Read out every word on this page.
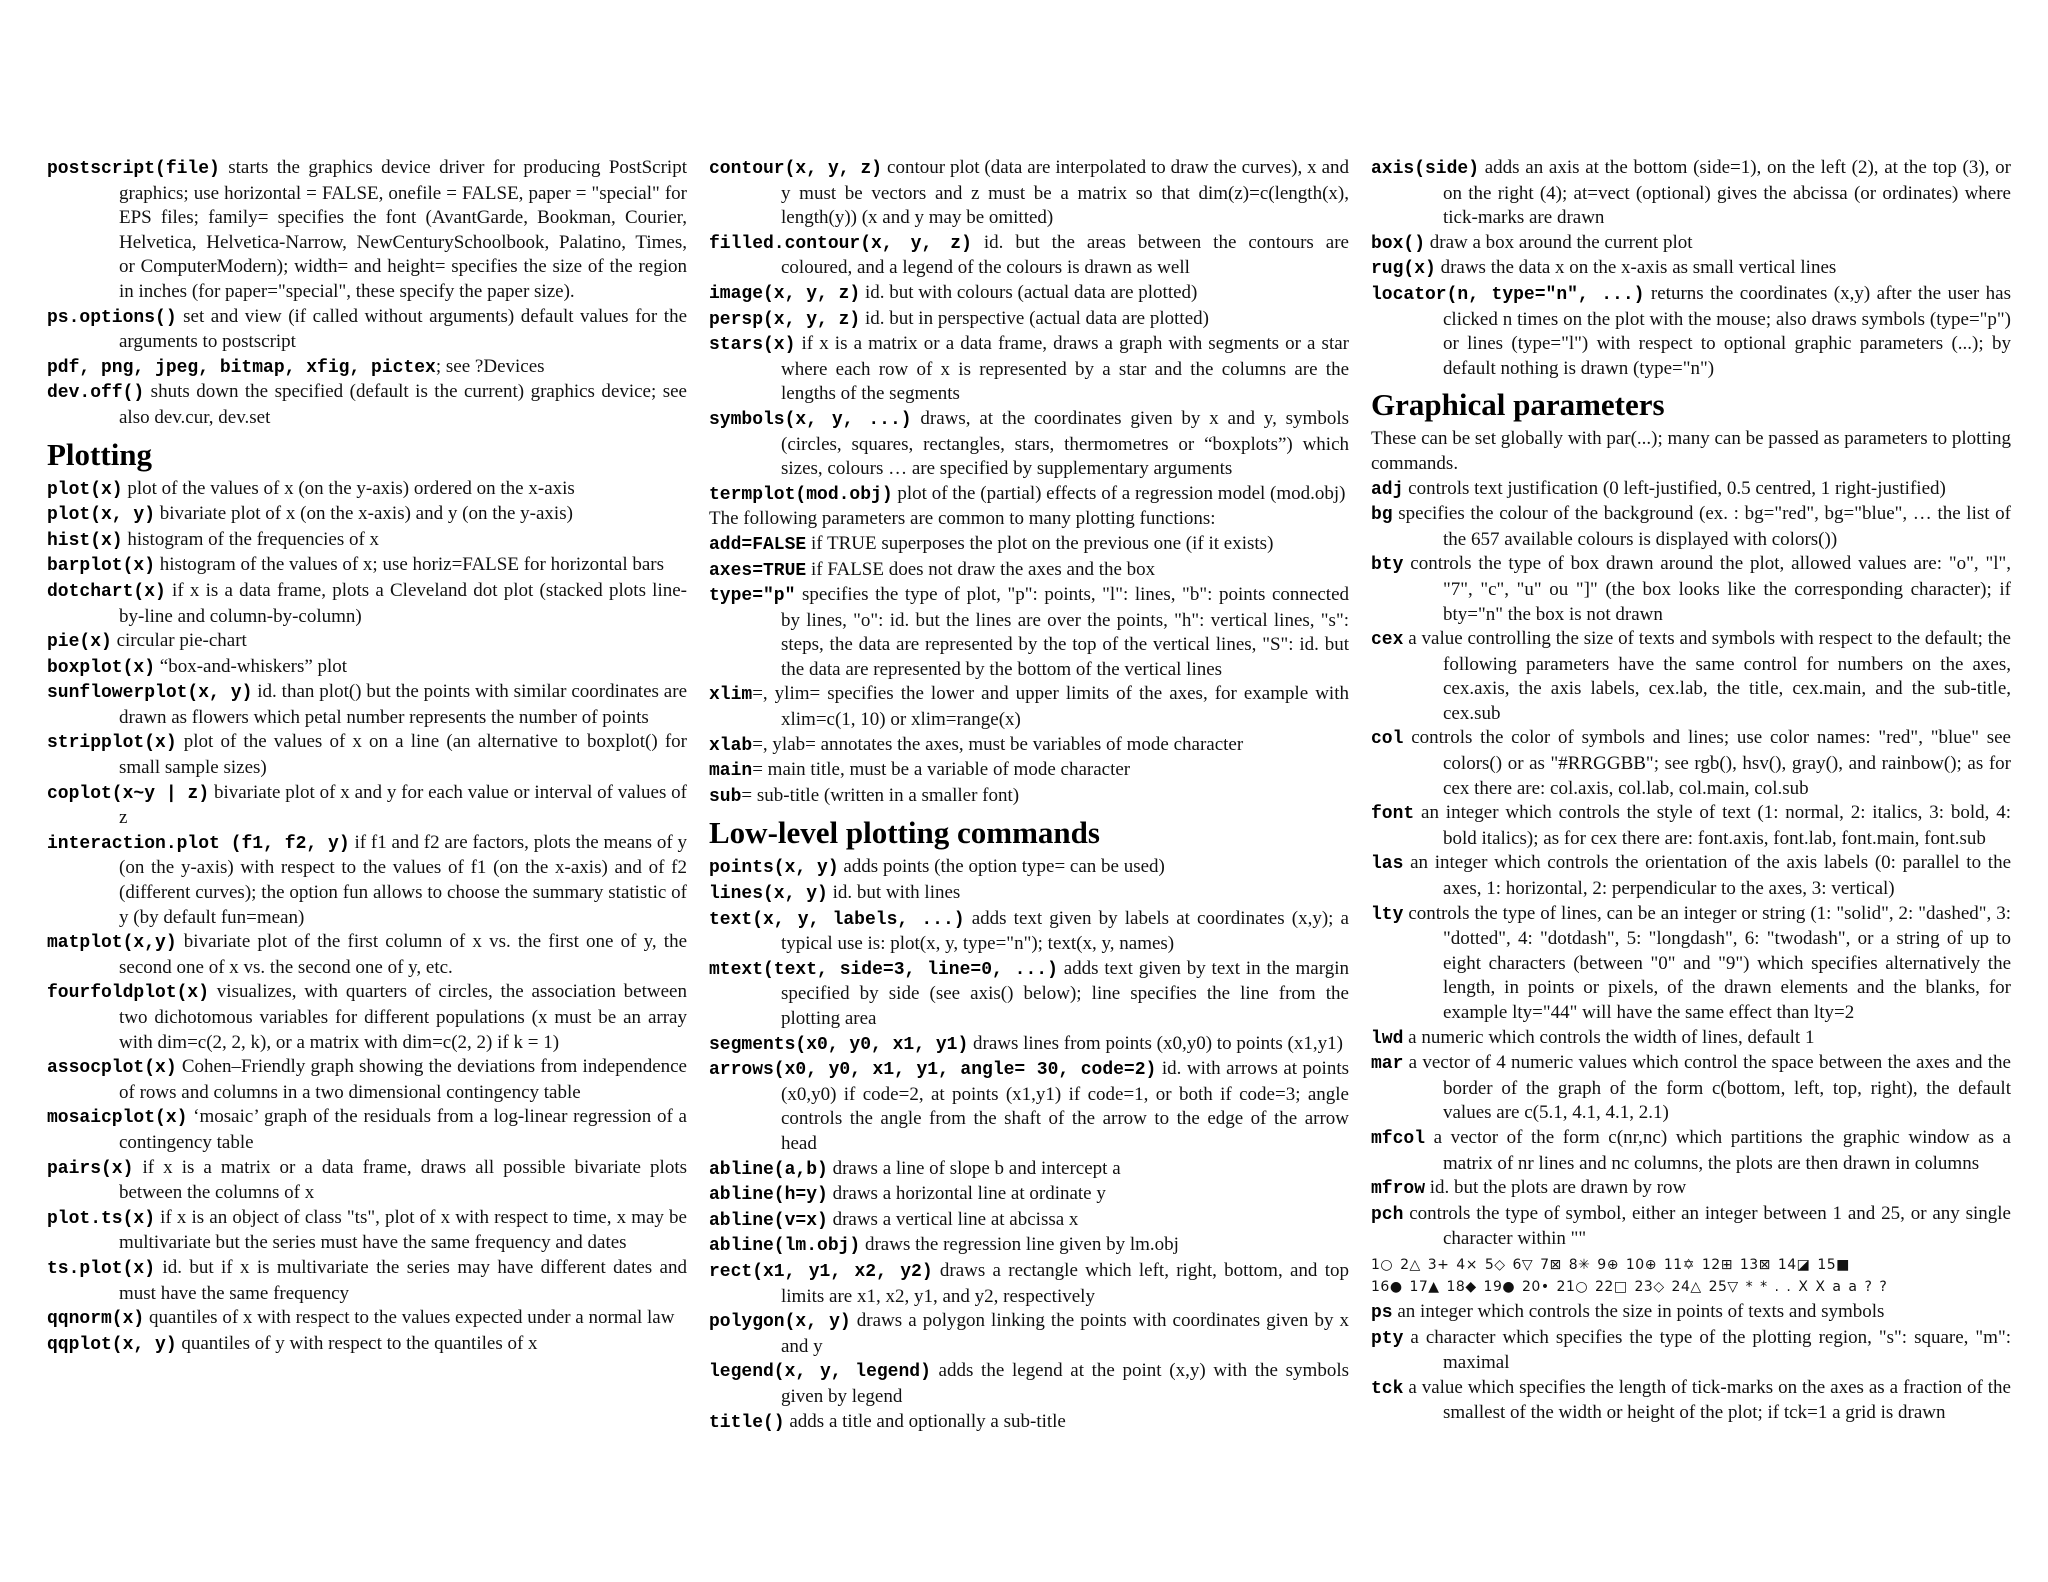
postscript(file) starts the graphics device driver for producing PostScript graphics; use horizontal = FALSE, onefile = FALSE, paper = "special" for EPS files; family= specifies the font (AvantGarde, Bookman, Courier, Helvetica, Helvetica-Narrow, NewCenturySchoolbook, Palatino, Times, or ComputerModern); width= and height= specifies the size of the region in inches (for paper="special", these specify the paper size).

ps.options() set and view (if called without arguments) default values for the arguments to postscript

pdf, png, jpeg, bitmap, xfig, pictex; see ?Devices

dev.off() shuts down the specified (default is the current) graphics device; see also dev.cur, dev.set

Plotting

plot(x) plot of the values of x (on the y-axis) ordered on the x-axis

plot(x, y) bivariate plot of x (on the x-axis) and y (on the y-axis)

hist(x) histogram of the frequencies of x

barplot(x) histogram of the values of x; use horiz=FALSE for horizontal bars

dotchart(x) if x is a data frame, plots a Cleveland dot plot (stacked plots line-by-line and column-by-column)

pie(x) circular pie-chart

boxplot(x) “box-and-whiskers” plot

sunflowerplot(x, y) id. than plot() but the points with similar coordinates are drawn as flowers which petal number represents the number of points

stripplot(x) plot of the values of x on a line (an alternative to boxplot() for small sample sizes)

coplot(x~y | z) bivariate plot of x and y for each value or interval of values of z

interaction.plot (f1, f2, y) if f1 and f2 are factors, plots the means of y (on the y-axis) with respect to the values of f1 (on the x-axis) and of f2 (different curves); the option fun allows to choose the summary statistic of y (by default fun=mean)

matplot(x,y) bivariate plot of the first column of x vs. the first one of y, the second one of x vs. the second one of y, etc.

fourfoldplot(x) visualizes, with quarters of circles, the association between two dichotomous variables for different populations (x must be an array with dim=c(2, 2, k), or a matrix with dim=c(2, 2) if k = 1)

assocplot(x) Cohen–Friendly graph showing the deviations from independence of rows and columns in a two dimensional contingency table

mosaicplot(x) ‘mosaic’ graph of the residuals from a log-linear regression of a contingency table

pairs(x) if x is a matrix or a data frame, draws all possible bivariate plots between the columns of x

plot.ts(x) if x is an object of class "ts", plot of x with respect to time, x may be multivariate but the series must have the same frequency and dates

ts.plot(x) id. but if x is multivariate the series may have different dates and must have the same frequency

qqnorm(x) quantiles of x with respect to the values expected under a normal law

qqplot(x, y) quantiles of y with respect to the quantiles of x

contour(x, y, z) contour plot (data are interpolated to draw the curves), x and y must be vectors and z must be a matrix so that dim(z)=c(length(x), length(y)) (x and y may be omitted)

filled.contour(x, y, z) id. but the areas between the contours are coloured, and a legend of the colours is drawn as well

image(x, y, z) id. but with colours (actual data are plotted)

persp(x, y, z) id. but in perspective (actual data are plotted)

stars(x) if x is a matrix or a data frame, draws a graph with segments or a star where each row of x is represented by a star and the columns are the lengths of the segments

symbols(x, y, ...) draws, at the coordinates given by x and y, symbols (circles, squares, rectangles, stars, thermometres or “boxplots”) which sizes, colours … are specified by supplementary arguments

termplot(mod.obj) plot of the (partial) effects of a regression model (mod.obj)

The following parameters are common to many plotting functions:

add=FALSE if TRUE superposes the plot on the previous one (if it exists)

axes=TRUE if FALSE does not draw the axes and the box

type="p" specifies the type of plot, "p": points, "l": lines, "b": points connected by lines, "o": id. but the lines are over the points, "h": vertical lines, "s": steps, the data are represented by the top of the vertical lines, "S": id. but the data are represented by the bottom of the vertical lines

xlim=, ylim= specifies the lower and upper limits of the axes, for example with xlim=c(1, 10) or xlim=range(x)

xlab=, ylab= annotates the axes, must be variables of mode character

main= main title, must be a variable of mode character

sub= sub-title (written in a smaller font)

Low-level plotting commands

points(x, y) adds points (the option type= can be used)

lines(x, y) id. but with lines

text(x, y, labels, ...) adds text given by labels at coordinates (x,y); a typical use is: plot(x, y, type="n"); text(x, y, names)

mtext(text, side=3, line=0, ...) adds text given by text in the margin specified by side (see axis() below); line specifies the line from the plotting area

segments(x0, y0, x1, y1) draws lines from points (x0,y0) to points (x1,y1)

arrows(x0, y0, x1, y1, angle= 30, code=2) id. with arrows at points (x0,y0) if code=2, at points (x1,y1) if code=1, or both if code=3; angle controls the angle from the shaft of the arrow to the edge of the arrow head

abline(a,b) draws a line of slope b and intercept a

abline(h=y) draws a horizontal line at ordinate y

abline(v=x) draws a vertical line at abcissa x

abline(lm.obj) draws the regression line given by lm.obj

rect(x1, y1, x2, y2) draws a rectangle which left, right, bottom, and top limits are x1, x2, y1, and y2, respectively

polygon(x, y) draws a polygon linking the points with coordinates given by x and y

legend(x, y, legend) adds the legend at the point (x,y) with the symbols given by legend

title() adds a title and optionally a sub-title

axis(side) adds an axis at the bottom (side=1), on the left (2), at the top (3), or on the right (4); at=vect (optional) gives the abcissa (or ordinates) where tick-marks are drawn

box() draw a box around the current plot

rug(x) draws the data x on the x-axis as small vertical lines

locator(n, type="n", ...) returns the coordinates (x,y) after the user has clicked n times on the plot with the mouse; also draws symbols (type="p") or lines (type="l") with respect to optional graphic parameters (...); by default nothing is drawn (type="n")

Graphical parameters

These can be set globally with par(...); many can be passed as parameters to plotting commands.

adj controls text justification (0 left-justified, 0.5 centred, 1 right-justified)

bg specifies the colour of the background (ex. : bg="red", bg="blue", … the list of the 657 available colours is displayed with colors())

bty controls the type of box drawn around the plot, allowed values are: "o", "l", "7", "c", "u" ou "]" (the box looks like the corresponding character); if bty="n" the box is not drawn

cex a value controlling the size of texts and symbols with respect to the default; the following parameters have the same control for numbers on the axes, cex.axis, the axis labels, cex.lab, the title, cex.main, and the sub-title, cex.sub

col controls the color of symbols and lines; use color names: "red", "blue" see colors() or as "#RRGGBB"; see rgb(), hsv(), gray(), and rainbow(); as for cex there are: col.axis, col.lab, col.main, col.sub

font an integer which controls the style of text (1: normal, 2: italics, 3: bold, 4: bold italics); as for cex there are: font.axis, font.lab, font.main, font.sub

las an integer which controls the orientation of the axis labels (0: parallel to the axes, 1: horizontal, 2: perpendicular to the axes, 3: vertical)

lty controls the type of lines, can be an integer or string (1: "solid", 2: "dashed", 3: "dotted", 4: "dotdash", 5: "longdash", 6: "twodash", or a string of up to eight characters (between "0" and "9") which specifies alternatively the length, in points or pixels, of the drawn elements and the blanks, for example lty="44" will have the same effect than lty=2

lwd a numeric which controls the width of lines, default 1

mar a vector of 4 numeric values which control the space between the axes and the border of the graph of the form c(bottom, left, top, right), the default values are c(5.1, 4.1, 4.1, 2.1)

mfcol a vector of the form c(nr,nc) which partitions the graphic window as a matrix of nr lines and nc columns, the plots are then drawn in columns

mfrow id. but the plots are drawn by row

pch controls the type of symbol, either an integer between 1 and 25, or any single character within ""

1○ 2△ 3+ 4× 5◇ 6▽ 7⊠ 8✳ 9⊕ 10⊕ 11✡ 12⊞ 13⊠ 14◪ 15■
16● 17▲ 18◆ 19● 20• 21○ 22□ 23◇ 24△ 25▽ * * . . X X a a ? ?

ps an integer which controls the size in points of texts and symbols

pty a character which specifies the type of the plotting region, "s": square, "m": maximal

tck a value which specifies the length of tick-marks on the axes as a fraction of the smallest of the width or height of the plot; if tck=1 a grid is drawn
